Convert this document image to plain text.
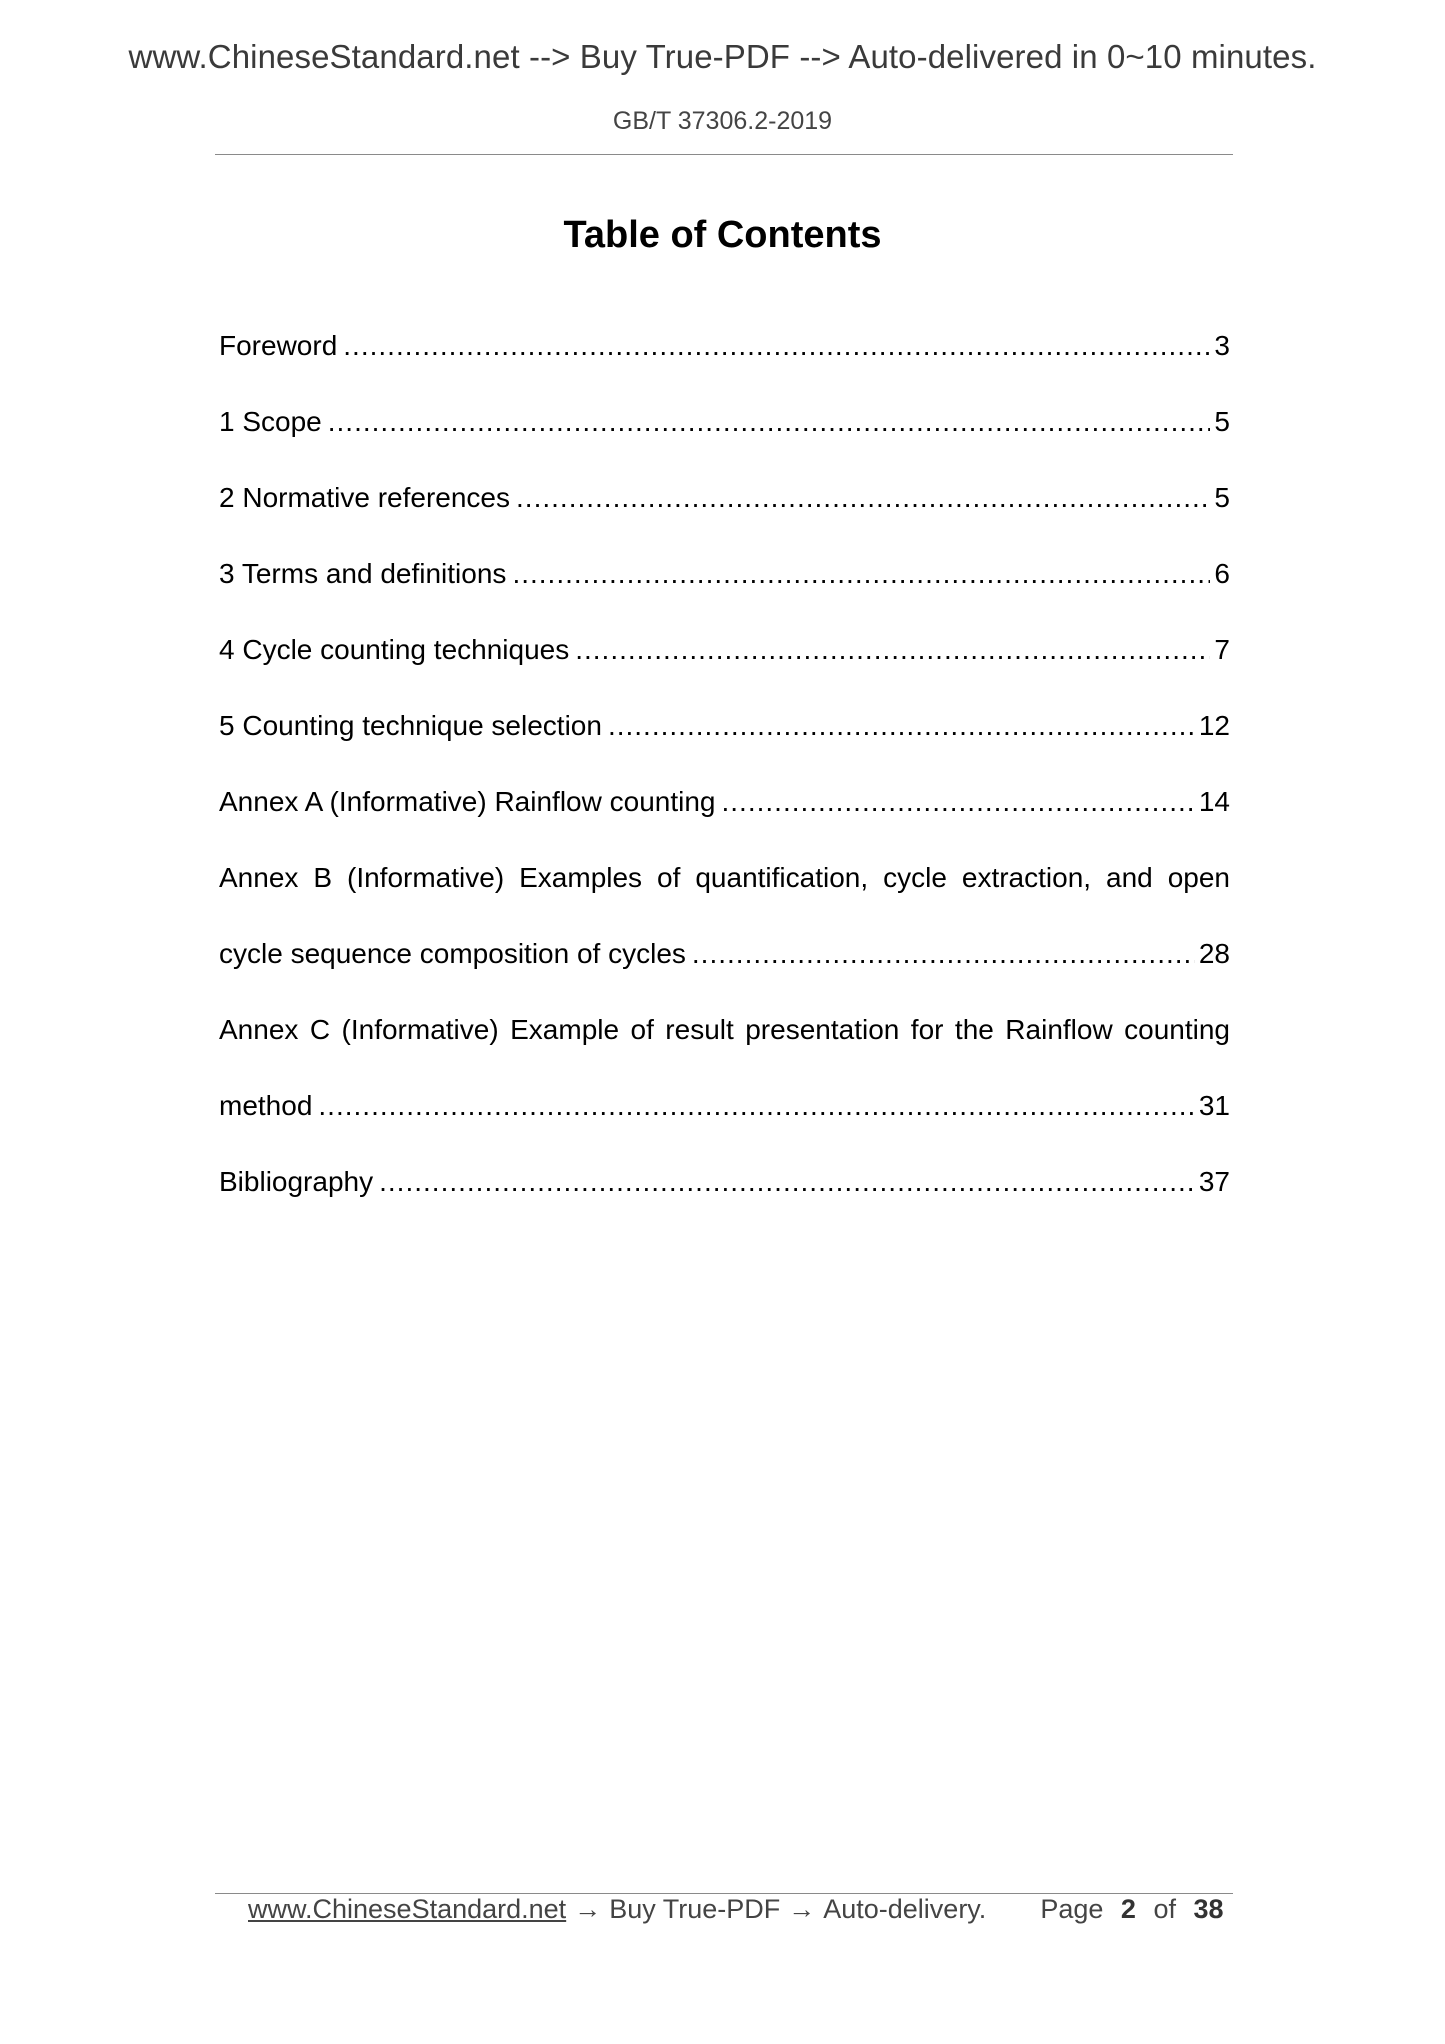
www.ChineseStandard.net --> Buy True-PDF --> Auto-delivered in 0~10 minutes.
GB/T 37306.2-2019
Table of Contents
Foreword .....	3
1 Scope .....	5
2 Normative references .....	5
3 Terms and definitions .....	6
4 Cycle counting techniques .....	7
5 Counting technique selection .....	12
Annex A (Informative) Rainflow counting .....	14
Annex B (Informative) Examples of quantification, cycle extraction, and open
cycle sequence composition of cycles .....	28
Annex C (Informative) Example of result presentation for the Rainflow counting
method .....	31
Bibliography .....	37
www.ChineseStandard.net → Buy True-PDF → Auto-delivery. Page 2 of 38
